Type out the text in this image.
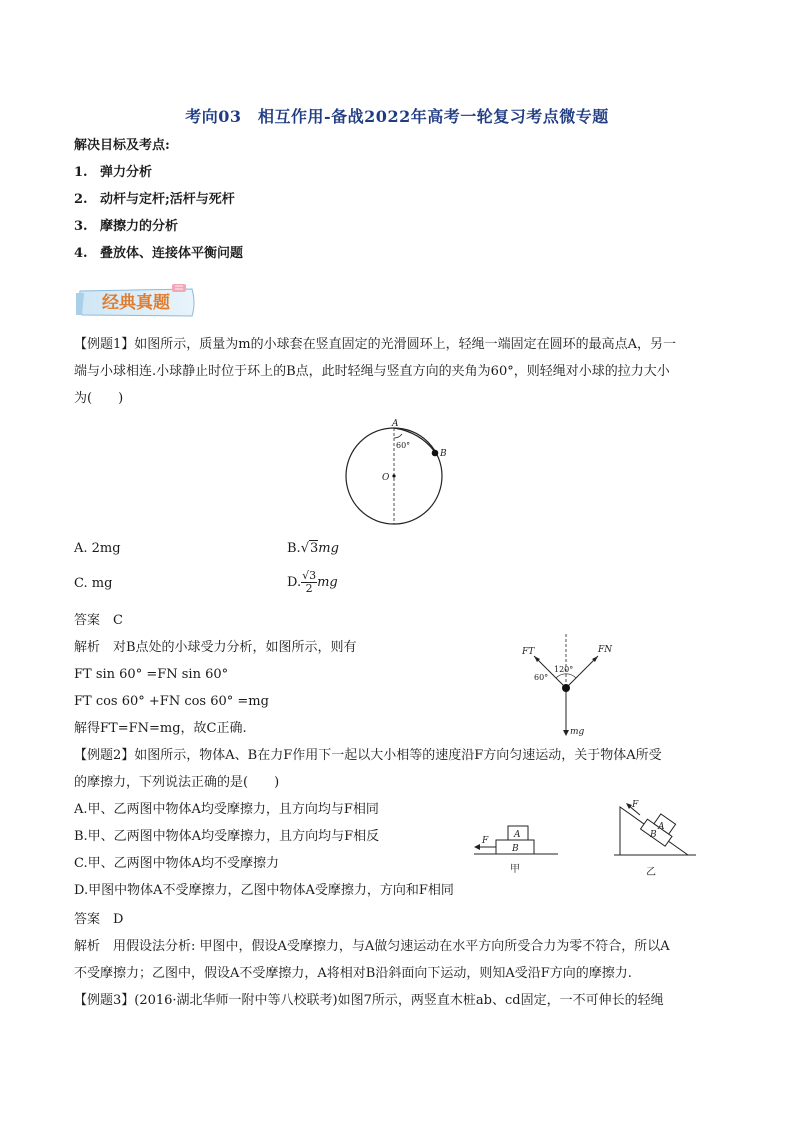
考向03　相互作用-备战2022年高考一轮复习考点微专题
解决目标及考点:
1. 弹力分析
2. 动杆与定杆;活杆与死杆
3. 摩擦力的分析
4. 叠放体、连接体平衡问题
经典真题
【例题1】如图所示，质量为m的小球套在竖直固定的光滑圆环上，轻绳一端固定在圆环的最高点A，另一
端与小球相连.小球静止时位于环上的B点，此时轻绳与竖直方向的夹角为60°，则轻绳对小球的拉力大小
为(　　)
A
B
O
60°
A. 2mg	B.√3mg
C. mg	D. $\frac{√3}{2}$ mg
答案　C
解析　对B点处的小球受力分析，如图所示，则有
FT sin 60° =FN sin 60°
FT cos 60° +FN cos 60° =mg
解得FT=FN=mg，故C正确.
FT	FN
mg
120°
60°
【例题2】如图所示，物体A、B在力F作用下一起以大小相等的速度沿F方向匀速运动，关于物体A所受
的摩擦力，下列说法正确的是(　　)
A.甲、乙两图中物体A均受摩擦力，且方向均与F相同
B.甲、乙两图中物体A均受摩擦力，且方向均与F相反
C.甲、乙两图中物体A均不受摩擦力
D.甲图中物体A不受摩擦力，乙图中物体A受摩擦力，方向和F相同
F
A
B
甲
F
A
B
乙
答案　D
解析　用假设法分析: 甲图中，假设A受摩擦力，与A做匀速运动在水平方向所受合力为零不符合，所以A
不受摩擦力；乙图中，假设A不受摩擦力，A将相对B沿斜面向下运动，则知A受沿F方向的摩擦力.
【例题3】(2016·湖北华师一附中等八校联考)如图7所示，两竖直木桩ab、cd固定，一不可伸长的轻绳
